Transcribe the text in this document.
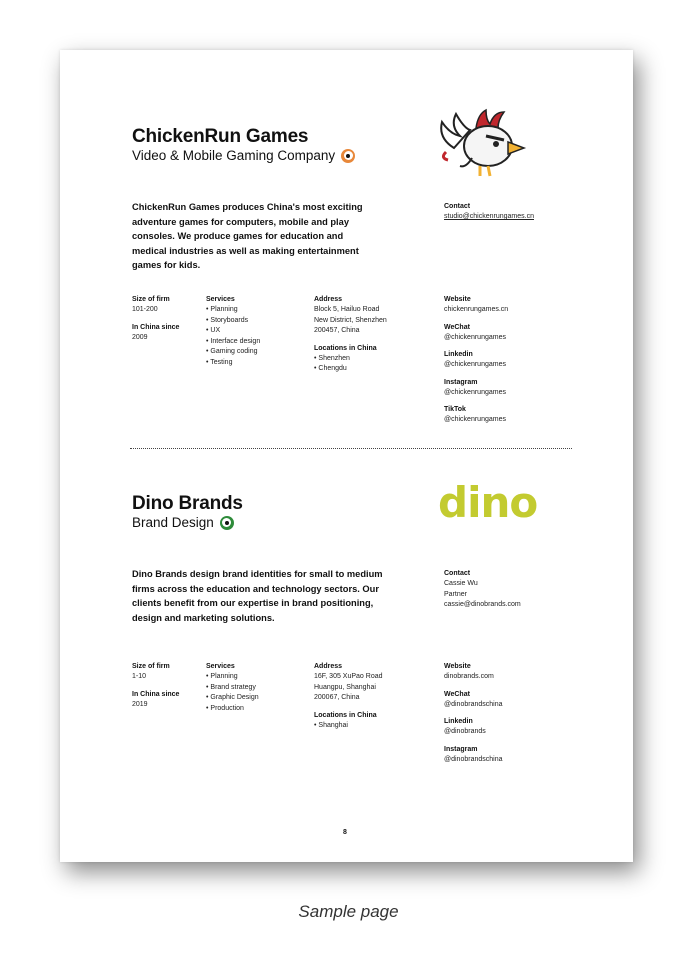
ChickenRun Games
Video & Mobile Gaming Company
ChickenRun Games produces China's most exciting adventure games for computers, mobile and play consoles. We produce games for education and medical industries as well as making entertainment games for kids.
Contact
studio@chickenrungames.cn
Size of firm
101-200
In China since
2009
Services
• Planning
• Storyboards
• UX
• Interface design
• Gaming coding
• Testing
Address
Block 5, Hailuo Road
New District, Shenzhen
200457, China
Locations in China
• Shenzhen
• Chengdu
Website
chickenrungames.cn
WeChat
@chickenrungames
Linkedin
@chickenrungames
Instagram
@chickenrungames
TikTok
@chickenrungames
Dino Brands
Brand Design	dino
Dino Brands design brand identities for small to medium firms across the education and technology sectors. Our clients benefit from our expertise in brand positioning, design and marketing solutions.
Contact
Cassie Wu
Partner
cassie@dinobrands.com
Size of firm
1-10
In China since
2019
Services
• Planning
• Brand strategy
• Graphic Design
• Production
Address
16F, 305 XuPao Road
Huangpu, Shanghai
200067, China
Locations in China
• Shanghai
Website
dinobrands.com
WeChat
@dinobrandschina
Linkedin
@dinobrands
Instagram
@dinobrandschina
8
Sample page
